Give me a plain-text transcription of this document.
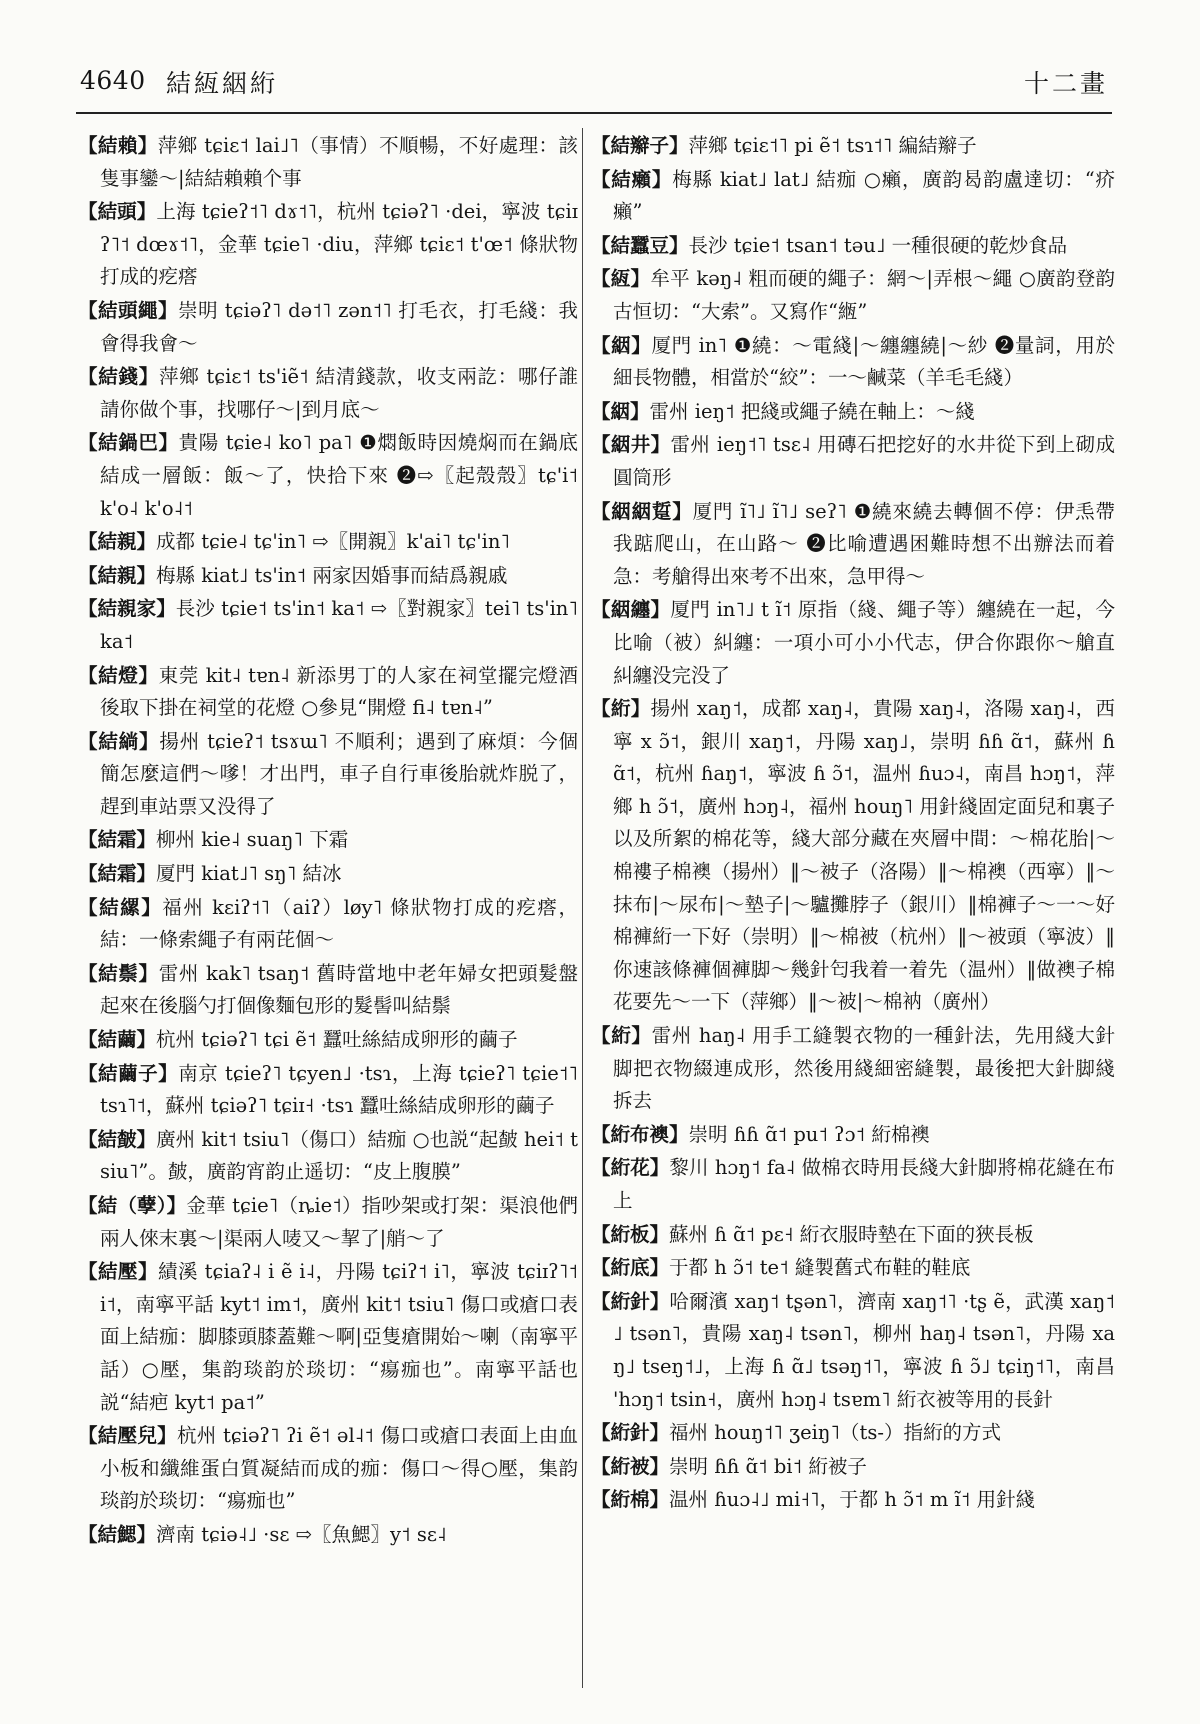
4640 結絚絪絎	十二畫

【結賴】萍鄉 tɕiɛ˦ lai˩˥（事情）不順暢，不好處理：該隻事鑾～|結結賴賴个事

【結頭】上海 tɕieʔ˦˥ dɤ˦˥，杭州 tɕiəʔ˥ ·dei，寧波 tɕiɪʔ˥˦ dœɤ˦˥，金華 tɕie˥ ·diu，萍鄉 tɕiɛ˦ t'œ˦ 條狀物打成的疙瘩

【結頭繩】崇明 tɕiəʔ˥ də˦˥ zən˦˥ 打毛衣，打毛綫：我會得我會～

【結錢】萍鄉 tɕiɛ˦ ts'iẽ˦ 結清錢款，收支兩訖：哪仔誰請你做个事，找哪仔～|到月底～

【結鍋巴】貴陽 tɕie˨ ko˥ pa˥ ❶燜飯時因燒焖而在鍋底結成一層飯：飯～了，快拾下來 ❷⇨〖起殼殼〗tɕ'i˦ k'o˨ k'o˨˦

【結親】成都 tɕie˨ tɕ'in˥ ⇨〖開親〗k'ai˥ tɕ'in˥

【結親】梅縣 kiat˩ ts'in˦ 兩家因婚事而結爲親戚

【結親家】長沙 tɕie˦ ts'in˦ ka˦ ⇨〖對親家〗tei˥ ts'in˥ ka˦

【結燈】東莞 kit˨ tɐn˨ 新添男丁的人家在祠堂擺完燈酒後取下掛在祠堂的花燈 ○參見“開燈 fi˨ tɐn˨”

【結緔】揚州 tɕieʔ˦ tsɤɯ˥ 不順利；遇到了麻煩：今個簡怎麼這們～嗲！才出門，車子自行車後胎就炸脱了，趕到車站票又没得了

【結霜】柳州 kie˨ suaŋ˥ 下霜

【結霜】厦門 kiat˩˥ sŋ˥ 結冰

【結縲】福州 kɛiʔ˦˥（aiʔ）løy˥ 條狀物打成的疙瘩，結：一條索繩子有兩芘個～

【結鬃】雷州 kak˥ tsaŋ˦ 舊時當地中老年婦女把頭髮盤起來在後腦勺打個像麵包形的髮髻叫結鬃

【結繭】杭州 tɕiəʔ˥ tɕi ẽ˦ 蠶吐絲結成卵形的繭子

【結繭子】南京 tɕieʔ˥ tɕyen˩ ·tsɿ，上海 tɕieʔ˥ tɕie˦˥ tsɿ˥˦，蘇州 tɕiəʔ˥ tɕiɪ˧ ·tsɿ 蠶吐絲結成卵形的繭子

【結皶】廣州 kit˦ tsiu˥（傷口）結痂 ○也説“起皶 hei˦ tsiu˥”。皶，廣韵宵韵止遥切：“皮上腹膜”

【結（孽）】金華 tɕie˥（ȵie˦）指吵架或打架：渠浪他們兩人倈末裏～|渠兩人唛又～挈了|艄～了

【結壓】績溪 tɕiaʔ˨ i ẽ i˨，丹陽 tɕiʔ˦ i˥，寧波 tɕiɪʔ˥˦ i˦，南寧平話 kyt˦ im˦，廣州 kit˦ tsiu˥ 傷口或瘡口表面上結痂：脚膝頭膝蓋難～啊|亞隻瘡開始～喇（南寧平話）○壓，集韵琰韵於琰切：“瘍痂也”。南寧平話也説“結疤 kyt˦ pa˦”

【結壓兒】杭州 tɕiəʔ˥ ʔi ẽ˦ əl˨˦ 傷口或瘡口表面上由血小板和纖維蛋白質凝結而成的痂：傷口～得○壓，集韵琰韵於琰切：“瘍痂也”

【結鰓】濟南 tɕiə˨˩ ·sɛ ⇨〖魚鰓〗y˦ sɛ˨

【結辮子】萍鄉 tɕiɛ˦˥ pi ẽ˦ tsɿ˦˥ 編結辮子

【結癩】梅縣 kiat˩ lat˩ 結痂 ○癩，廣韵曷韵盧達切：“疥癩”

【結蠶豆】長沙 tɕie˦ tsan˦ təu˩ 一種很硬的乾炒食品

【絚】牟平 kəŋ˨ 粗而硬的繩子：網～|弄根～繩 ○廣韵登韵古恒切：“大索”。又寫作“緪”

【絪】厦門 in˥ ❶繞：～電綫|～纏纏繞|～紗 ❷量詞，用於細長物體，相當於“絞”：一～鹹菜（羊毛毛綫）

【絪】雷州 ieŋ˦ 把綫或繩子繞在軸上：～綫

【絪井】雷州 ieŋ˦˥ tsɛ˨ 用磚石把挖好的水井從下到上砌成圓筒形

【絪絪踅】厦門 ĩ˥˩ ĩ˥˩ seʔ˥ ❶繞來繞去轉個不停：伊𤆬帶我踮爬山，在山路～ ❷比喻遭遇困難時想不出辦法而着急：考艙得出來考不出來，急甲得～

【絪纏】厦門 in˥˩ t ĩ˦ 原指（綫、繩子等）纏繞在一起，今比喻（被）糾纏：一項小可小小代志，伊合你跟你～艙直糾纏没完没了

【絎】揚州 xaŋ˦，成都 xaŋ˨，貴陽 xaŋ˨，洛陽 xaŋ˨，西寧 x ɔ̃˦，銀川 xaŋ˦，丹陽 xaŋ˩，崇明 ɦɦ ɑ̃˦，蘇州 ɦ ɑ̃˦，杭州 ɦaŋ˦，寧波 ɦ ɔ̃˦，温州 ɦuɔ˨，南昌 hɔŋ˦，萍鄉 h ɔ̃˦，廣州 hɔŋ˨，福州 houŋ˥ 用針綫固定面兒和裏子以及所絮的棉花等，綫大部分藏在夾層中間：～棉花胎|～棉褸子棉襖（揚州）‖～被子（洛陽）‖～棉襖（西寧）‖～抹布|～尿布|～墊子|～驢攤脖子（銀川）‖棉褲子～一～好棉褲絎一下好（崇明）‖～棉被（杭州）‖～被頭（寧波）‖你速該條褲個褲脚～幾針匄我着一着先（温州）‖做襖子棉花要先～一下（萍鄉）‖～被|～棉衲（廣州）

【絎】雷州 haŋ˨ 用手工縫製衣物的一種針法，先用綫大針脚把衣物綴連成形，然後用綫細密縫製，最後把大針脚綫拆去

【絎布襖】崇明 ɦɦ ɑ̃˦ pu˦ ʔɔ˦ 絎棉襖

【絎花】黎川 hɔŋ˦ fa˨ 做棉衣時用長綫大針脚將棉花縫在布上

【絎板】蘇州 ɦ ɑ̃˦ pɛ˧ 絎衣服時墊在下面的狹長板

【絎底】于都 h ɔ̃˦ te˦ 縫製舊式布鞋的鞋底

【絎針】哈爾濱 xaŋ˦ tʂən˥，濟南 xaŋ˦˥ ·tʂ ẽ，武漢 xaŋ˦˩ tsən˥，貴陽 xaŋ˨ tsən˥，柳州 haŋ˨ tsən˥，丹陽 xaŋ˩ tseŋ˦˩，上海 ɦ ɑ̃˩ tsəŋ˦˥，寧波 ɦ ɔ̃˩ tɕiŋ˦˥，南昌 'hɔŋ˦ tsin˧，廣州 hɔŋ˨ tsɐm˥ 絎衣被等用的長針

【絎針】福州 houŋ˦˥ ʒeiŋ˥（ts-）指絎的方式

【絎被】崇明 ɦɦ ɑ̃˦ bi˦ 絎被子

【絎棉】温州 ɦuɔ˨˩ mi˧˥，于都 h ɔ̃˦ m ĩ˦ 用針綫
